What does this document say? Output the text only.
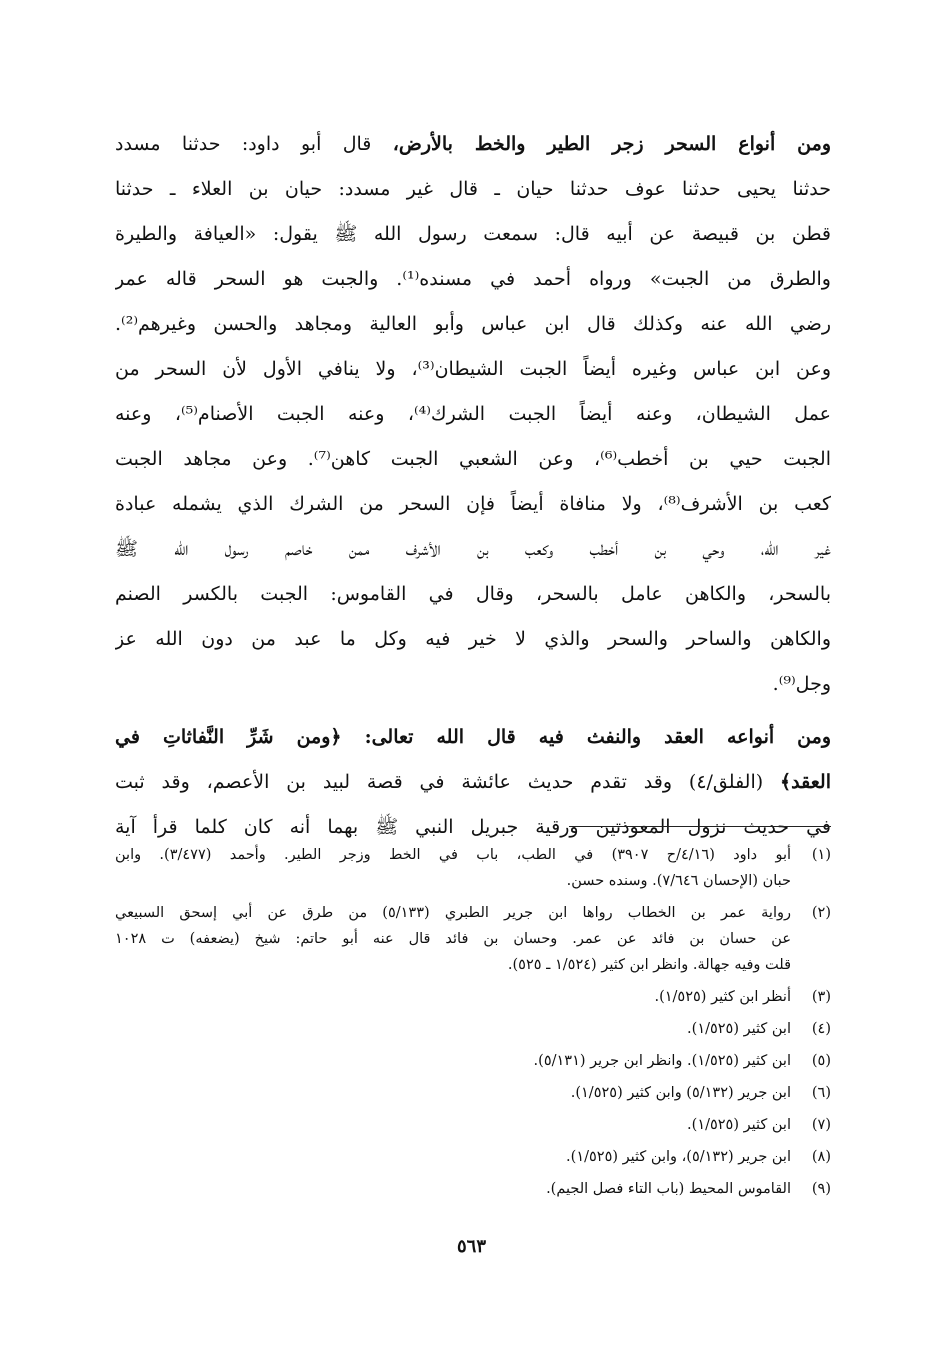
ومن أنواع السحر زجر الطير والخط بالأرض، قال أبو داود: حدثنا مسدد
حدثنا يحيى حدثنا عوف حدثنا حيان ـ قال غير مسدد: حيان بن العلاء ـ حدثنا
قطن بن قبيصة عن أبيه قال: سمعت رسول الله ﷺ يقول: «العيافة والطيرة
والطرق من الجبت» ورواه أحمد في مسنده⁽¹⁾. والجبت هو السحر قاله عمر
رضي الله عنه وكذلك قال ابن عباس وأبو العالية ومجاهد والحسن وغيرهم⁽²⁾.
وعن ابن عباس وغيره أيضاً الجبت الشيطان⁽³⁾، ولا ينافي الأول لأن السحر من
عمل الشيطان، وعنه أيضاً الجبت الشرك⁽⁴⁾، وعنه الجبت الأصنام⁽⁵⁾، وعنه
الجبت حيي بن أخطب⁽⁶⁾، وعن الشعبي الجبت كاهن⁽⁷⁾. وعن مجاهد الجبت
كعب بن الأشرف⁽⁸⁾، ولا منافاة أيضاً فإن السحر من الشرك الذي يشمله عبادة
غير الله، وحي بن أخطب وكعب بن الأشرف ممن خاصم رسول الله ﷺ
بالسحر، والكاهن عامل بالسحر، وقال في القاموس: الجبت بالكسر الصنم
والكاهن والساحر والسحر والذي لا خير فيه وكل ما عبد من دون الله عز
وجل⁽⁹⁾.
ومن أنواعه العقد والنفث فيه قال الله تعالى: ﴿ومن شَرِّ النَّفاثاتِ في
العقد﴾ (الفلق/٤) وقد تقدم حديث عائشة في قصة لبيد بن الأعصم، وقد ثبت
في حديث نزول المعوذتين ورقية جبريل النبي ﷺ بهما أنه كان كلما قرأ آية
(١)
أبو داود (٤/١٦/ح ٣٩٠٧) في الطب، باب في الخط وزجر الطير. وأحمد (٣/٤٧٧). وابن
حبان (الإحسان ٧/٦٤٦). وسنده حسن.
(٢)
رواية عمر بن الخطاب رواها ابن جرير الطبري (٥/١٣٣) من طرق عن أبي إسحق السبيعي
عن حسان بن فائد عن عمر. وحسان بن فائد قال عنه أبو حاتم: شيخ (يضعفه) ت ١٠٢٨
قلت وفيه جهالة. وانظر ابن كثير (١/٥٢٤ ـ ٥٢٥).
(٣)
أنظر ابن كثير (١/٥٢٥).
(٤)
ابن كثير (١/٥٢٥).
(٥)
ابن كثير (١/٥٢٥). وانظر ابن جرير (٥/١٣١).
(٦)
ابن جرير (٥/١٣٢) وابن كثير (١/٥٢٥).
(٧)
ابن كثير (١/٥٢٥).
(٨)
ابن جرير (٥/١٣٢)، وابن كثير (١/٥٢٥).
(٩)
القاموس المحيط (باب التاء فصل الجيم).
٥٦٣
